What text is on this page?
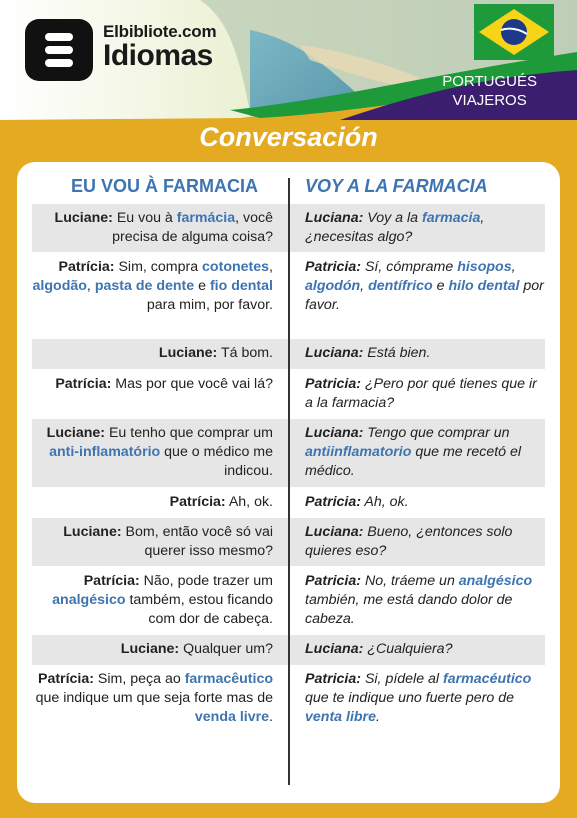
Elbibliote.com
Idiomas
PORTUGUÉS
VIAJEROS
Conversación
EU VOU À FARMACIA	VOY A LA FARMACIA
Luciane: Eu vou à farmácia, você precisa de alguma coisa?
Luciana: Voy a la farmacia, ¿necesitas algo?
Patrícia: Sim, compra cotonetes, algodão, pasta de dente e fio dental para mim, por favor.
Patricia: Sí, cómprame hisopos, algodón, dentífrico e hilo dental por favor.
Luciane: Tá bom. Luciana: Está bien.
Patrícia: Mas por que você vai lá? Patricia: ¿Pero por qué tienes que ir a la farmacia?
Luciane: Eu tenho que comprar um anti-inflamatório que o médico me indicou.
Luciana: Tengo que comprar un antiinflamatorio que me recetó el médico.
Patrícia: Ah, ok. Patricia: Ah, ok.
Luciane: Bom, então você só vai querer isso mesmo?
Luciana: Bueno, ¿entonces solo quieres eso?
Patrícia: Não, pode trazer um analgésico também, estou ficando com dor de cabeça.
Patricia: No, tráeme un analgésico también, me está dando dolor de cabeza.
Luciane: Qualquer um? Luciana: ¿Cualquiera?
Patrícia: Sim, peça ao farmacêutico que indique um que seja forte mas de venda livre.
Patricia: Si, pídele al farmacéutico que te indique uno fuerte pero de venta libre.
